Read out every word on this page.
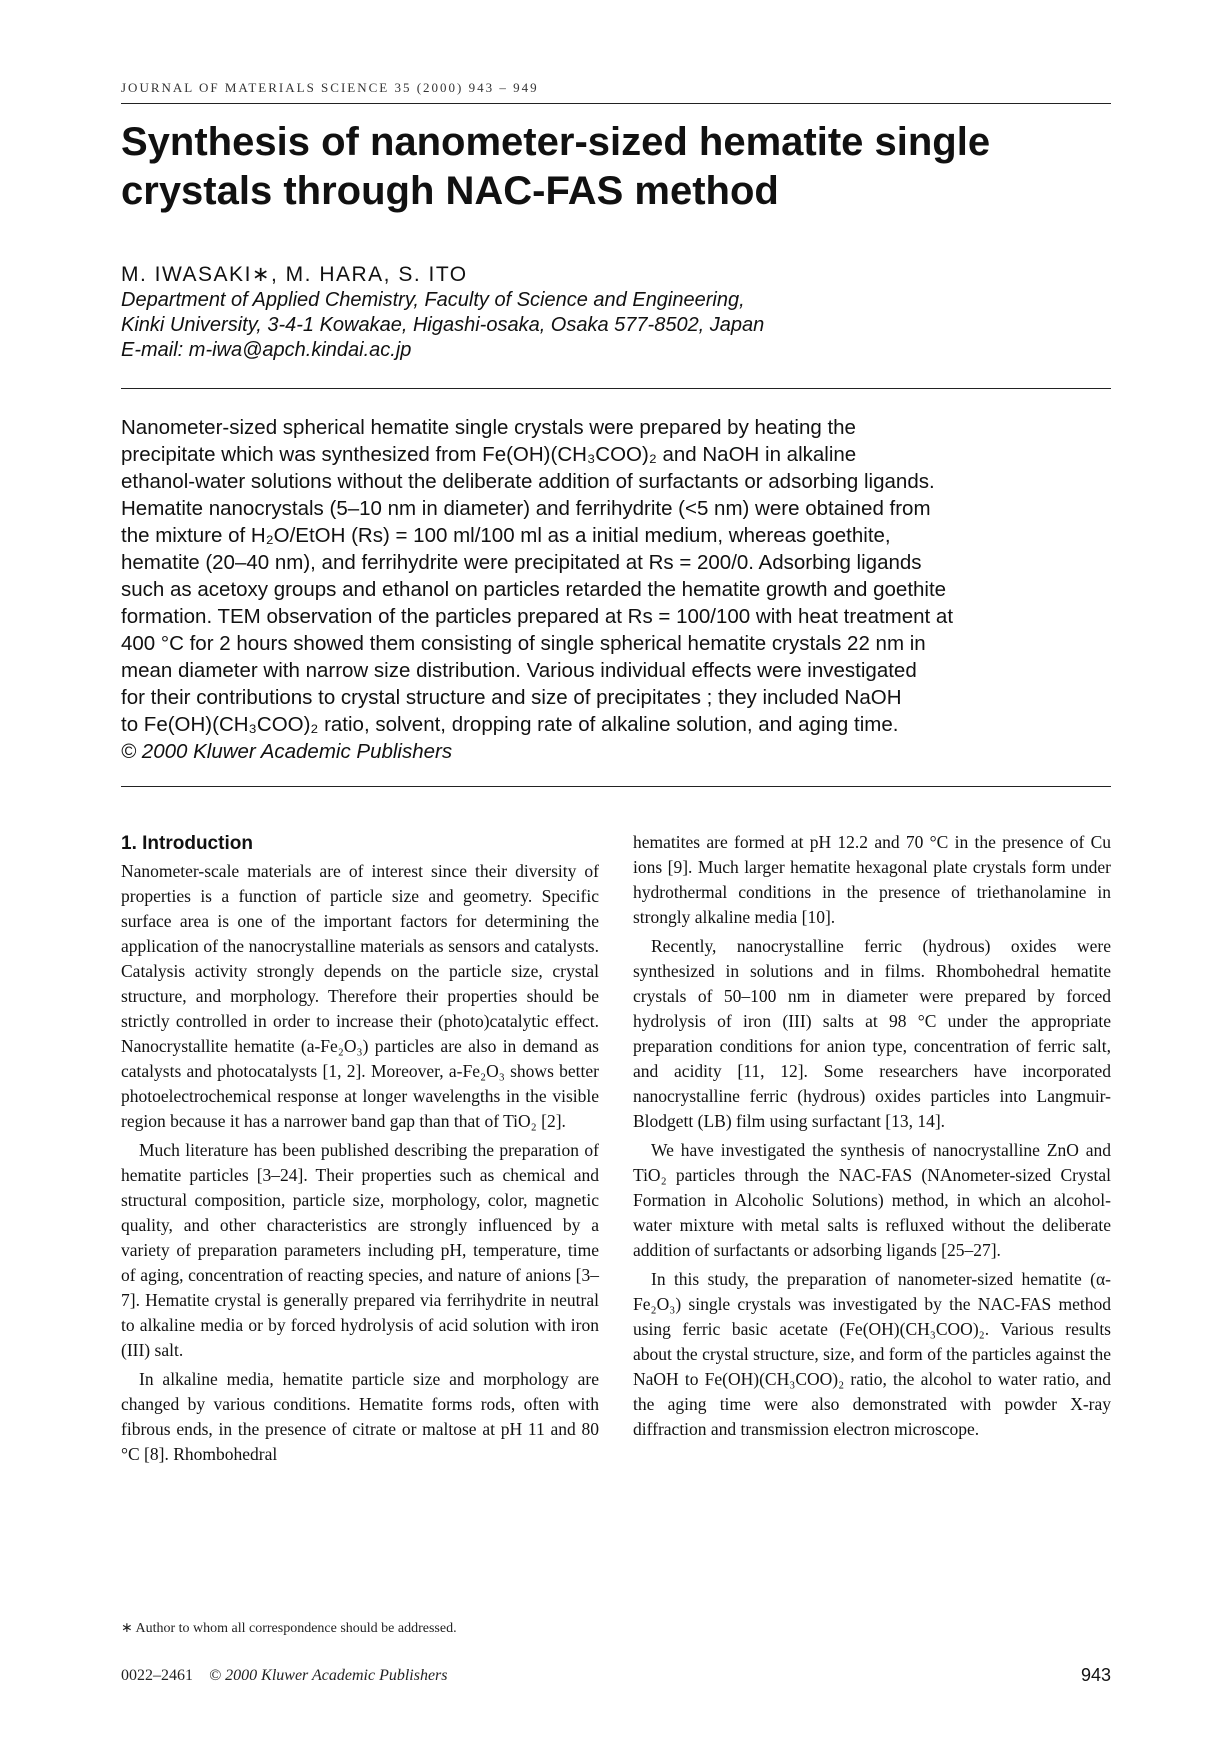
JOURNAL OF MATERIALS SCIENCE 35 (2000) 943 – 949
Synthesis of nanometer-sized hematite single crystals through NAC-FAS method
M. IWASAKI∗, M. HARA, S. ITO
Department of Applied Chemistry, Faculty of Science and Engineering,
Kinki University, 3-4-1 Kowakae, Higashi-osaka, Osaka 577-8502, Japan
E-mail: m-iwa@apch.kindai.ac.jp
Nanometer-sized spherical hematite single crystals were prepared by heating the
precipitate which was synthesized from Fe(OH)(CH₃COO)₂ and NaOH in alkaline
ethanol-water solutions without the deliberate addition of surfactants or adsorbing ligands.
Hematite nanocrystals (5–10 nm in diameter) and ferrihydrite (<5 nm) were obtained from
the mixture of H₂O/EtOH (Rs) = 100 ml/100 ml as a initial medium, whereas goethite,
hematite (20–40 nm), and ferrihydrite were precipitated at Rs = 200/0. Adsorbing ligands
such as acetoxy groups and ethanol on particles retarded the hematite growth and goethite
formation. TEM observation of the particles prepared at Rs = 100/100 with heat treatment at
400 °C for 2 hours showed them consisting of single spherical hematite crystals 22 nm in
mean diameter with narrow size distribution. Various individual effects were investigated
for their contributions to crystal structure and size of precipitates ; they included NaOH
to Fe(OH)(CH₃COO)₂ ratio, solvent, dropping rate of alkaline solution, and aging time.
© 2000 Kluwer Academic Publishers
1. Introduction

Nanometer-scale materials are of interest since their diversity of properties is a function of particle size and geometry. Specific surface area is one of the important factors for determining the application of the nanocrystalline materials as sensors and catalysts. Catalysis activity strongly depends on the particle size, crystal structure, and morphology. Therefore their properties should be strictly controlled in order to increase their (photo)catalytic effect. Nanocrystallite hematite (a-Fe₂O₃) particles are also in demand as catalysts and photocatalysts [1, 2]. Moreover, a-Fe₂O₃ shows better photoelectrochemical response at longer wavelengths in the visible region because it has a narrower band gap than that of TiO₂ [2].

Much literature has been published describing the preparation of hematite particles [3–24]. Their properties such as chemical and structural composition, particle size, morphology, color, magnetic quality, and other characteristics are strongly influenced by a variety of preparation parameters including pH, temperature, time of aging, concentration of reacting species, and nature of anions [3–7]. Hematite crystal is generally prepared via ferrihydrite in neutral to alkaline media or by forced hydrolysis of acid solution with iron (III) salt.

In alkaline media, hematite particle size and morphology are changed by various conditions. Hematite forms rods, often with fibrous ends, in the presence of citrate or maltose at pH 11 and 80 °C [8]. Rhombohedral

hematites are formed at pH 12.2 and 70 °C in the presence of Cu ions [9]. Much larger hematite hexagonal plate crystals form under hydrothermal conditions in the presence of triethanolamine in strongly alkaline media [10].

Recently, nanocrystalline ferric (hydrous) oxides were synthesized in solutions and in films. Rhombohedral hematite crystals of 50–100 nm in diameter were prepared by forced hydrolysis of iron (III) salts at 98 °C under the appropriate preparation conditions for anion type, concentration of ferric salt, and acidity [11, 12]. Some researchers have incorporated nanocrystalline ferric (hydrous) oxides particles into Langmuir-Blodgett (LB) film using surfactant [13, 14].

We have investigated the synthesis of nanocrystalline ZnO and TiO₂ particles through the NAC-FAS (NAnometer-sized Crystal Formation in Alcoholic Solutions) method, in which an alcohol-water mixture with metal salts is refluxed without the deliberate addition of surfactants or adsorbing ligands [25–27].

In this study, the preparation of nanometer-sized hematite (α-Fe₂O₃) single crystals was investigated by the NAC-FAS method using ferric basic acetate (Fe(OH)(CH₃COO)₂. Various results about the crystal structure, size, and form of the particles against the NaOH to Fe(OH)(CH₃COO)₂ ratio, the alcohol to water ratio, and the aging time were also demonstrated with powder X-ray diffraction and transmission electron microscope.

∗ Author to whom all correspondence should be addressed.
0022–2461 © 2000 Kluwer Academic Publishers	943
